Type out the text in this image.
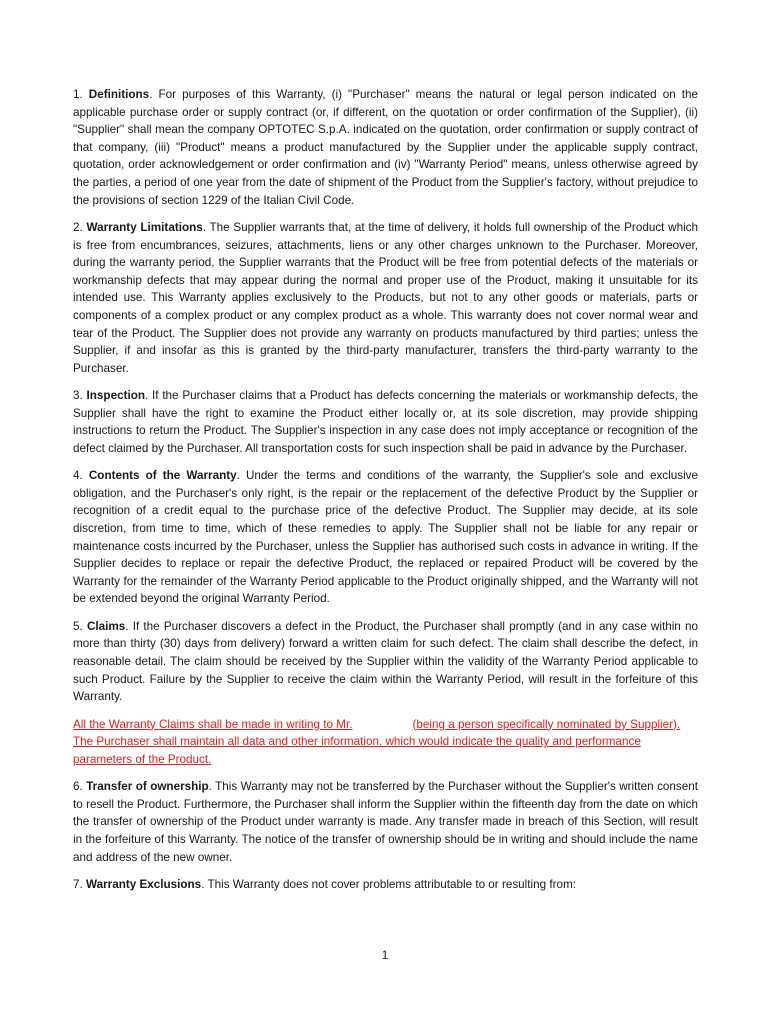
1. Definitions. For purposes of this Warranty, (i) "Purchaser" means the natural or legal person indicated on the applicable purchase order or supply contract (or, if different, on the quotation or order confirmation of the Supplier), (ii) "Supplier" shall mean the company OPTOTEC S.p.A. indicated on the quotation, order confirmation or supply contract of that company, (iii) "Product" means a product manufactured by the Supplier under the applicable supply contract, quotation, order acknowledgement or order confirmation and (iv) "Warranty Period" means, unless otherwise agreed by the parties, a period of one year from the date of shipment of the Product from the Supplier's factory, without prejudice to the provisions of section 1229 of the Italian Civil Code.

2. Warranty Limitations. The Supplier warrants that, at the time of delivery, it holds full ownership of the Product which is free from encumbrances, seizures, attachments, liens or any other charges unknown to the Purchaser. Moreover, during the warranty period, the Supplier warrants that the Product will be free from potential defects of the materials or workmanship defects that may appear during the normal and proper use of the Product, making it unsuitable for its intended use. This Warranty applies exclusively to the Products, but not to any other goods or materials, parts or components of a complex product or any complex product as a whole. This warranty does not cover normal wear and tear of the Product. The Supplier does not provide any warranty on products manufactured by third parties; unless the Supplier, if and insofar as this is granted by the third-party manufacturer, transfers the third-party warranty to the Purchaser.

3. Inspection. If the Purchaser claims that a Product has defects concerning the materials or workmanship defects, the Supplier shall have the right to examine the Product either locally or, at its sole discretion, may provide shipping instructions to return the Product. The Supplier's inspection in any case does not imply acceptance or recognition of the defect claimed by the Purchaser. All transportation costs for such inspection shall be paid in advance by the Purchaser.

4. Contents of the Warranty. Under the terms and conditions of the warranty, the Supplier's sole and exclusive obligation, and the Purchaser's only right, is the repair or the replacement of the defective Product by the Supplier or recognition of a credit equal to the purchase price of the defective Product. The Supplier may decide, at its sole discretion, from time to time, which of these remedies to apply. The Supplier shall not be liable for any repair or maintenance costs incurred by the Purchaser, unless the Supplier has authorised such costs in advance in writing. If the Supplier decides to replace or repair the defective Product, the replaced or repaired Product will be covered by the Warranty for the remainder of the Warranty Period applicable to the Product originally shipped, and the Warranty will not be extended beyond the original Warranty Period.

5. Claims. If the Purchaser discovers a defect in the Product, the Purchaser shall promptly (and in any case within no more than thirty (30) days from delivery) forward a written claim for such defect. The claim shall describe the defect, in reasonable detail. The claim should be received by the Supplier within the validity of the Warranty Period applicable to such Product. Failure by the Supplier to receive the claim within the Warranty Period, will result in the forfeiture of this Warranty.

All the Warranty Claims shall be made in writing to Mr.	(being a person specifically nominated by Supplier). The Purchaser shall maintain all data and other information, which would indicate the quality and performance parameters of the Product.

6. Transfer of ownership. This Warranty may not be transferred by the Purchaser without the Supplier's written consent to resell the Product. Furthermore, the Purchaser shall inform the Supplier within the fifteenth day from the date on which the transfer of ownership of the Product under warranty is made. Any transfer made in breach of this Section, will result in the forfeiture of this Warranty. The notice of the transfer of ownership should be in writing and should include the name and address of the new owner.

7. Warranty Exclusions. This Warranty does not cover problems attributable to or resulting from:

1
